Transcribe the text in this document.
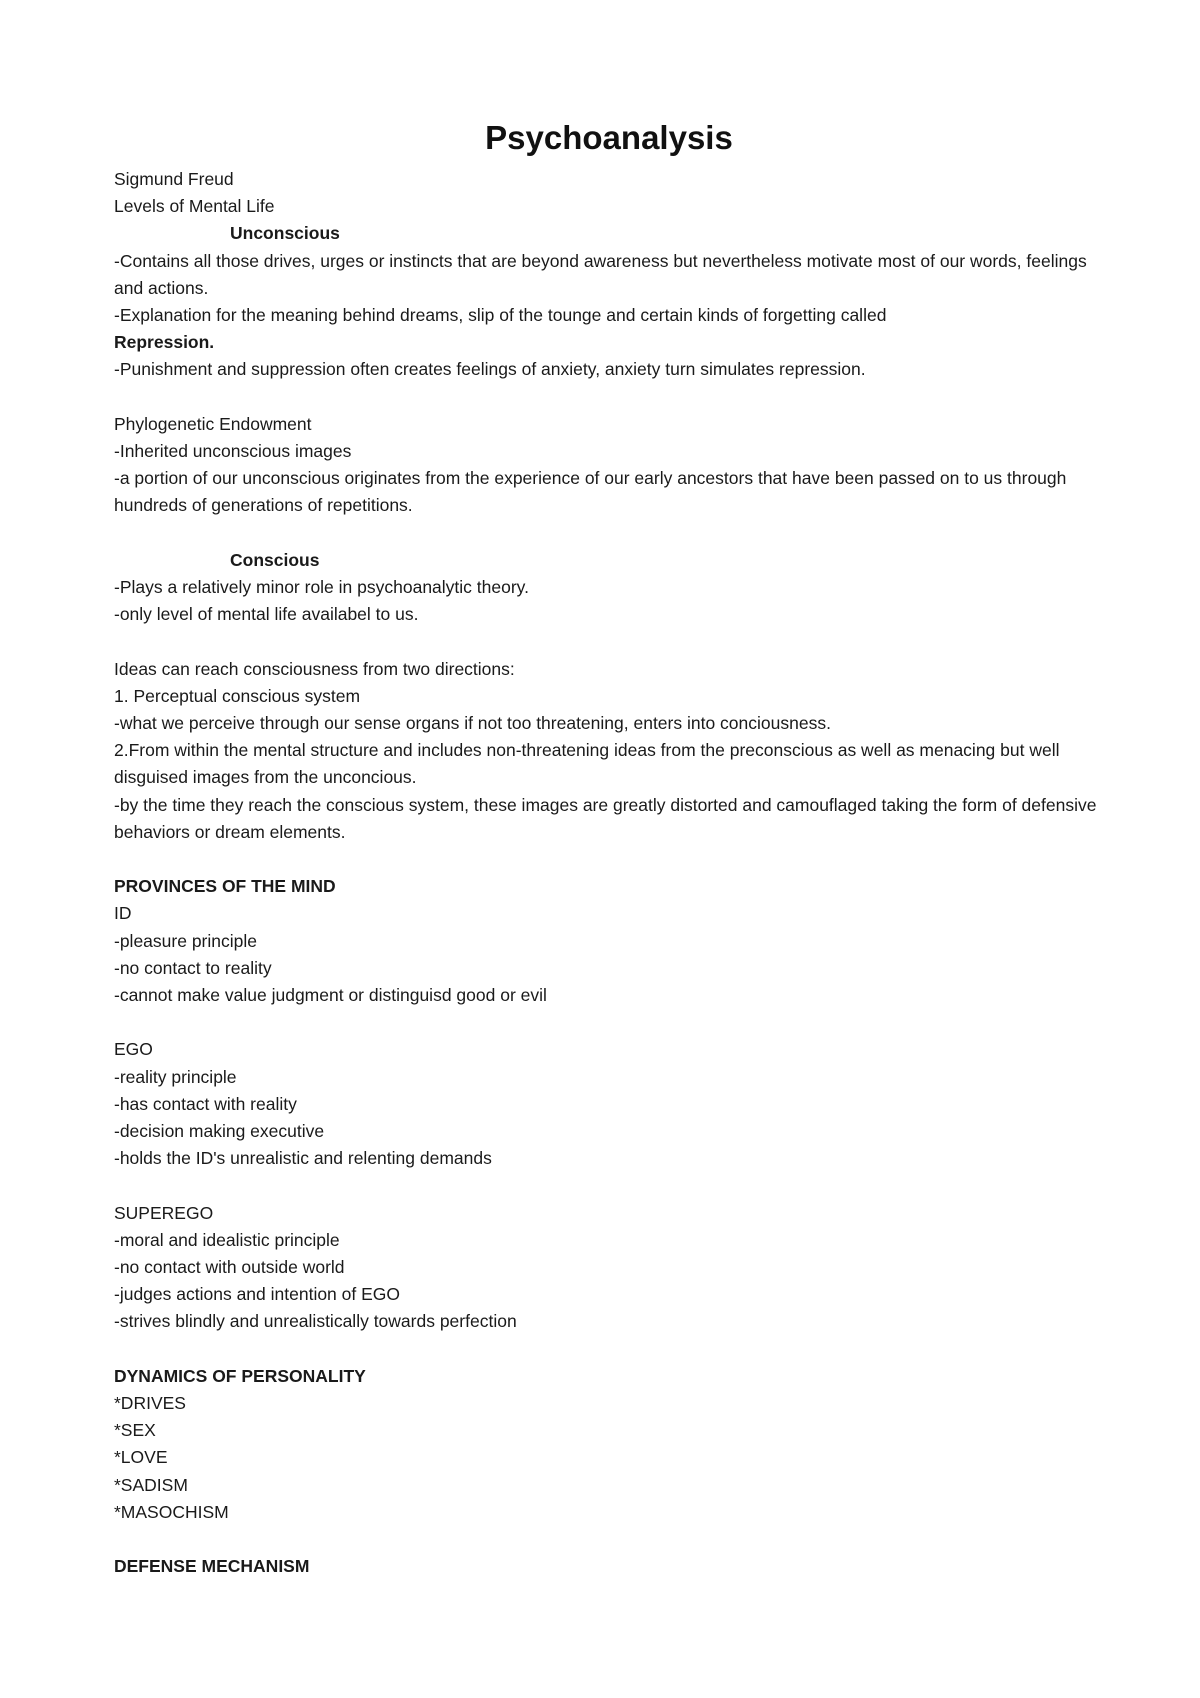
Psychoanalysis
Sigmund Freud
Levels of Mental Life
Unconscious
-Contains all those drives, urges or instincts that are beyond awareness but nevertheless motivate most of our words, feelings and actions.
-Explanation for the meaning behind dreams, slip of the tounge and certain kinds of forgetting called
Repression.
-Punishment and suppression often creates feelings of anxiety, anxiety turn simulates repression.
Phylogenetic Endowment
-Inherited unconscious images
-a portion of our unconscious originates from the experience of our early ancestors that have been passed on to us through hundreds of generations of repetitions.
Conscious
-Plays a relatively minor role in psychoanalytic theory.
-only level of mental life availabel to us.
Ideas can reach consciousness from two directions:
1. Perceptual conscious system
-what we perceive through our sense organs if not too threatening, enters into conciousness.
2.From within the mental structure and includes non-threatening ideas from the preconscious as well as menacing but well disguised images from the unconcious.
-by the time they reach the conscious system, these images are greatly distorted and camouflaged taking the form of defensive behaviors or dream elements.
PROVINCES OF THE MIND
ID
-pleasure principle
-no contact to reality
-cannot make value judgment or distinguisd good or evil
EGO
-reality principle
-has contact with reality
-decision making executive
-holds the ID's unrealistic and relenting demands
SUPEREGO
-moral and idealistic principle
-no contact with outside world
-judges actions and intention of EGO
-strives blindly and unrealistically towards perfection
DYNAMICS OF PERSONALITY
*DRIVES
*SEX
*LOVE
*SADISM
*MASOCHISM
DEFENSE MECHANISM
